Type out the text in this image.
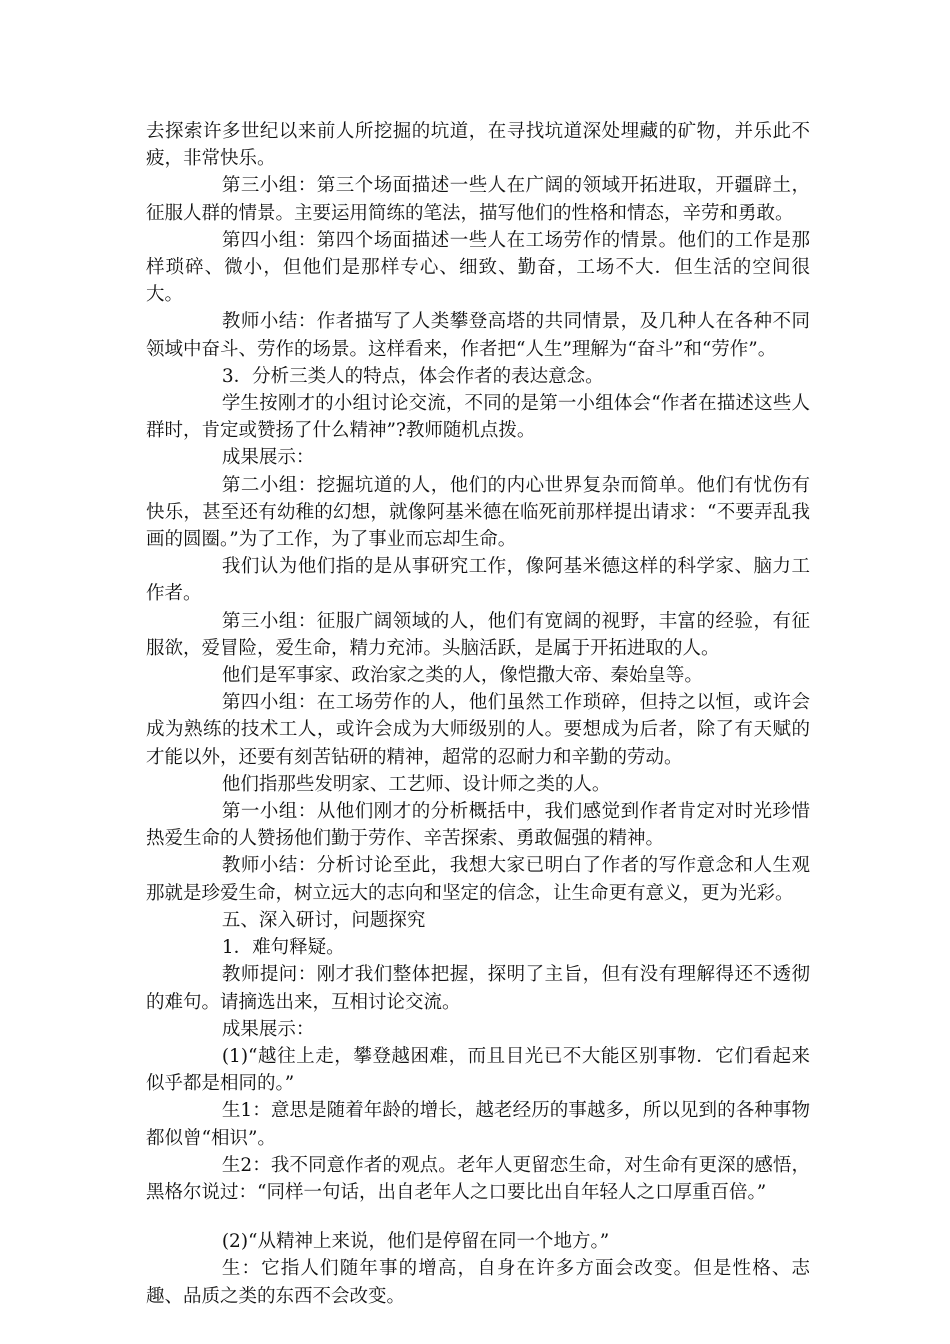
去探索许多世纪以来前人所挖掘的坑道，在寻找坑道深处埋藏的矿物，并乐此不疲，非常快乐。

第三小组：第三个场面描述一些人在广阔的领域开拓进取，开疆辟土，征服人群的情景。主要运用简练的笔法，描写他们的性格和情态，辛劳和勇敢。

第四小组：第四个场面描述一些人在工场劳作的情景。他们的工作是那样琐碎、微小，但他们是那样专心、细致、勤奋，工场不大．但生活的空间很大。

教师小结：作者描写了人类攀登高塔的共同情景，及几种人在各种不同领域中奋斗、劳作的场景。这样看来，作者把“人生”理解为“奋斗”和“劳作”。

3．分析三类人的特点，体会作者的表达意念。

学生按刚才的小组讨论交流，不同的是第一小组体会“作者在描述这些人群时，肯定或赞扬了什么精神”?教师随机点拨。

成果展示：

第二小组：挖掘坑道的人，他们的内心世界复杂而简单。他们有忧伤有快乐，甚至还有幼稚的幻想，就像阿基米德在临死前那样提出请求：“不要弄乱我画的圆圈。”为了工作，为了事业而忘却生命。

我们认为他们指的是从事研究工作，像阿基米德这样的科学家、脑力工作者。

第三小组：征服广阔领域的人，他们有宽阔的视野，丰富的经验，有征服欲，爱冒险，爱生命，精力充沛。头脑活跃，是属于开拓进取的人。

他们是军事家、政治家之类的人，像恺撒大帝、秦始皇等。

第四小组：在工场劳作的人，他们虽然工作琐碎，但持之以恒，或许会成为熟练的技术工人，或许会成为大师级别的人。要想成为后者，除了有天赋的才能以外，还要有刻苦钻研的精神，超常的忍耐力和辛勤的劳动。

他们指那些发明家、工艺师、设计师之类的人。

第一小组：从他们刚才的分析概括中，我们感觉到作者肯定对时光珍惜热爱生命的人赞扬他们勤于劳作、辛苦探索、勇敢倔强的精神。

教师小结：分析讨论至此，我想大家已明白了作者的写作意念和人生观那就是珍爱生命，树立远大的志向和坚定的信念，让生命更有意义，更为光彩。

五、深入研讨，问题探究

1．难句释疑。

教师提问：刚才我们整体把握，探明了主旨，但有没有理解得还不透彻的难句。请摘选出来，互相讨论交流。

成果展示：

(1)“越往上走，攀登越困难，而且目光已不大能区别事物．它们看起来似乎都是相同的。”

生1：意思是随着年龄的增长，越老经历的事越多，所以见到的各种事物都似曾“相识”。

生2：我不同意作者的观点。老年人更留恋生命，对生命有更深的感悟，黑格尔说过：“同样一句话，出自老年人之口要比出自年轻人之口厚重百倍。”

(2)“从精神上来说，他们是停留在同一个地方。”

生：它指人们随年事的增高，自身在许多方面会改变。但是性格、志趣、品质之类的东西不会改变。
